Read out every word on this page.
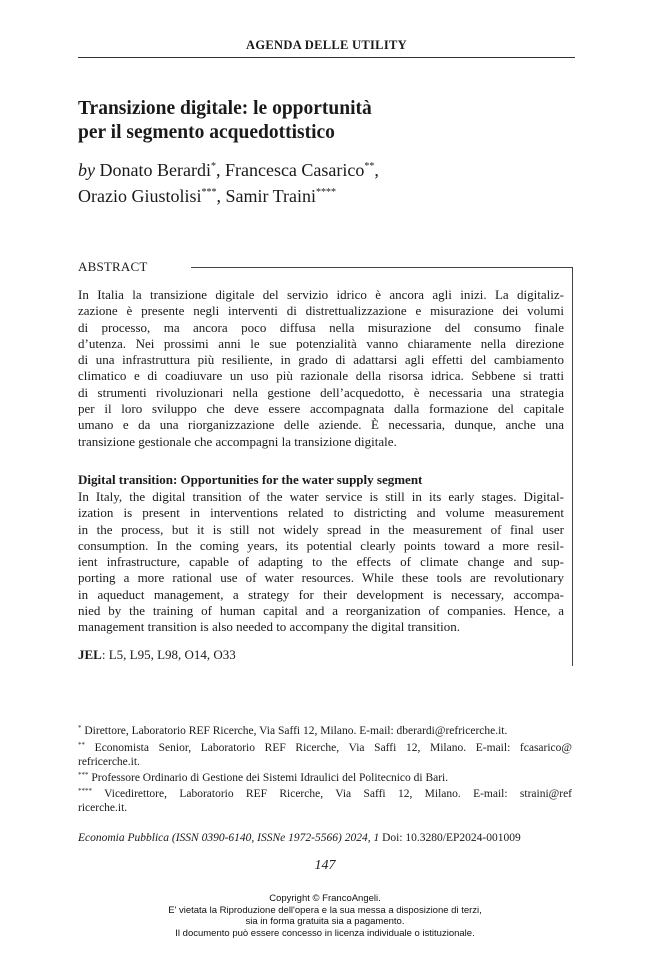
AGENDA DELLE UTILITY
Transizione digitale: le opportunità
per il segmento acquedottistico
by Donato Berardi*, Francesca Casarico**,
Orazio Giustolisi***, Samir Traini****
ABSTRACT
In Italia la transizione digitale del servizio idrico è ancora agli inizi. La digitaliz-
zazione è presente negli interventi di distrettualizzazione e misurazione dei volumi
di processo, ma ancora poco diffusa nella misurazione del consumo finale
d’utenza. Nei prossimi anni le sue potenzialità vanno chiaramente nella direzione
di una infrastruttura più resiliente, in grado di adattarsi agli effetti del cambiamento
climatico e di coadiuvare un uso più razionale della risorsa idrica. Sebbene si tratti
di strumenti rivoluzionari nella gestione dell’acquedotto, è necessaria una strategia
per il loro sviluppo che deve essere accompagnata dalla formazione del capitale
umano e da una riorganizzazione delle aziende. È necessaria, dunque, anche una
transizione gestionale che accompagni la transizione digitale.
Digital transition: Opportunities for the water supply segment
In Italy, the digital transition of the water service is still in its early stages. Digital-
ization is present in interventions related to districting and volume measurement
in the process, but it is still not widely spread in the measurement of final user
consumption. In the coming years, its potential clearly points toward a more resil-
ient infrastructure, capable of adapting to the effects of climate change and sup-
porting a more rational use of water resources. While these tools are revolutionary
in aqueduct management, a strategy for their development is necessary, accompa-
nied by the training of human capital and a reorganization of companies. Hence, a
management transition is also needed to accompany the digital transition.
JEL: L5, L95, L98, O14, O33
* Direttore, Laboratorio REF Ricerche, Via Saffi 12, Milano. E-mail: dberardi@refricerche.it.
** Economista Senior, Laboratorio REF Ricerche, Via Saffi 12, Milano. E-mail: fcasarico@
refricerche.it.
*** Professore Ordinario di Gestione dei Sistemi Idraulici del Politecnico di Bari.
**** Vicedirettore, Laboratorio REF Ricerche, Via Saffi 12, Milano. E-mail: straini@ref
ricerche.it.
Economia Pubblica (ISSN 0390-6140, ISSNe 1972-5566) 2024, 1 Doi: 10.3280/EP2024-001009
147
Copyright © FrancoAngeli.
E' vietata la Riproduzione dell'opera e la sua messa a disposizione di terzi,
sia in forma gratuita sia a pagamento.
Il documento può essere concesso in licenza individuale o istituzionale.
